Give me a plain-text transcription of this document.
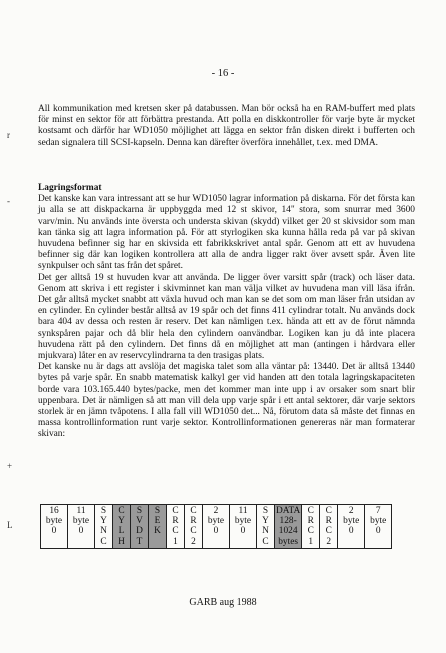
- 16 -
r
-
+
L

All kommunikation med kretsen sker på databussen. Man bör också ha en RAM-buffert med plats för minst en sektor för att förbättra prestanda. Att polla en diskkontroller för varje byte är mycket kostsamt och därför har WD1050 möjlighet att lägga en sektor från disken direkt i bufferten och sedan signalera till SCSI-kapseln. Denna kan därefter överföra innehållet, t.ex. med DMA.

Lagringsformat

Det kanske kan vara intressant att se hur WD1050 lagrar information på diskarna. För det första kan ju alla se att diskpackarna är uppbyggda med 12 st skivor, 14" stora, som snurrar med 3600 varv/min. Nu används inte översta och understa skivan (skydd) vilket ger 20 st skivsidor som man kan tänka sig att lagra information på. För att styrlogiken ska kunna hålla reda på var på skivan huvudena befinner sig har en skivsida ett fabrikkskrivet antal spår. Genom att ett av huvudena befinner sig där kan logiken kontrollera att alla de andra ligger rakt över avsett spår. Även lite synkpulser och sånt tas från det spåret.

Det ger alltså 19 st huvuden kvar att använda. De ligger över varsitt spår (track) och läser data. Genom att skriva i ett register i skivminnet kan man välja vilket av huvudena man vill läsa ifrån. Det går alltså mycket snabbt att växla huvud och man kan se det som om man läser från utsidan av en cylinder. En cylinder består alltså av 19 spår och det finns 411 cylindrar totalt. Nu används dock bara 404 av dessa och resten är reserv. Det kan nämligen t.ex. hända att ett av de förut nämnda synkspåren pajar och då blir hela den cylindern oanvändbar. Logiken kan ju då inte placera huvudena rätt på den cylindern. Det finns då en möjlighet att man (antingen i hårdvara eller mjukvara) låter en av reservcylindrarna ta den trasigas plats.

Det kanske nu är dags att avslöja det magiska talet som alla väntar på: 13440. Det är alltså 13440 bytes på varje spår. En snabb matematisk kalkyl ger vid handen att den totala lagringskapaciteten borde vara 103.165.440 bytes/packe, men det kommer man inte upp i av orsaker som snart blir uppenbara. Det är nämligen så att man vill dela upp varje spår i ett antal sektorer, där varje sektors storlek är en jämn tvåpotens. I alla fall vill WD1050 det... Nå, förutom data så måste det finnas en massa kontrollinformation runt varje sektor. Kontrollinformationen genereras när man formaterar skivan:

16
byte
0

11
byte
0

S
Y
N
C

C
Y
L
H

S
V
D
T

S
E
K

C
R
C
1

C
R
C
2

2
byte
0

11
byte
0

S
Y
N
C

DATA
128-
1024
bytes

C
R
C
1

C
R
C
2

2
byte
0

7
byte
0
GARB aug 1988
